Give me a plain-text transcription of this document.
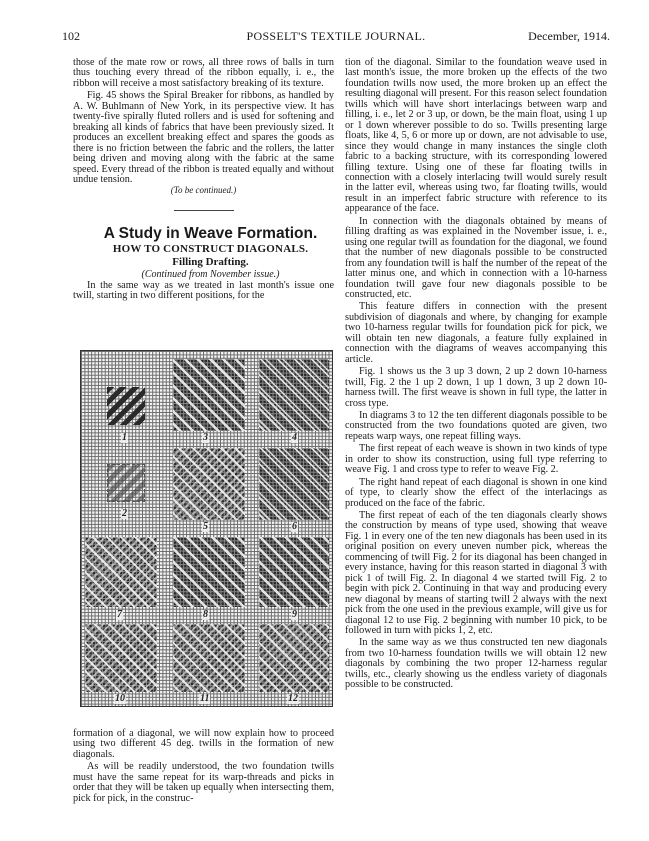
102	POSSELT'S TEXTILE JOURNAL.	December, 1914.

those of the mate row or rows, all three rows of balls in turn thus touching every thread of the ribbon equally, i. e., the ribbon will receive a most satisfactory breaking of its texture.

Fig. 45 shows the Spiral Breaker for ribbons, as handled by A. W. Buhlmann of New York, in its perspective view. It has twenty-five spirally fluted rollers and is used for softening and breaking all kinds of fabrics that have been previously sized. It produces an excellent breaking effect and spares the goods as there is no friction between the fabric and the rollers, the latter being driven and moving along with the fabric at the same speed. Every thread of the ribbon is treated equally and without undue tension.

(To be continued.)

A Study in Weave Formation.

HOW TO CONSTRUCT DIAGONALS.

Filling Drafting.

(Continued from November issue.)

In the same way as we treated in last month's issue one twill, starting in two different positions, for the

1	3	4
2
5	6
7	8	9
10	11	12

formation of a diagonal, we will now explain how to proceed using two different 45 deg. twills in the formation of new diagonals.

As will be readily understood, the two foundation twills must have the same repeat for its warp-threads and picks in order that they will be taken up equally when intersecting them, pick for pick, in the construc-

tion of the diagonal. Similar to the foundation weave used in last month's issue, the more broken up the effects of the two foundation twills now used, the more broken up an effect the resulting diagonal will present. For this reason select foundation twills which will have short interlacings between warp and filling, i. e., let 2 or 3 up, or down, be the main float, using 1 up or 1 down wherever possible to do so. Twills presenting large floats, like 4, 5, 6 or more up or down, are not advisable to use, since they would change in many instances the single cloth fabric to a backing structure, with its corresponding lowered filling texture. Using one of these far floating twills in connection with a closely interlacing twill would surely result in the latter evil, whereas using two, far floating twills, would result in an imperfect fabric structure with reference to its appearance of the face.

In connection with the diagonals obtained by means of filling drafting as was explained in the November issue, i. e., using one regular twill as foundation for the diagonal, we found that the number of new diagonals possible to be constructed from any foundation twill is half the number of the repeat of the latter minus one, and which in connection with a 10-harness foundation twill gave four new diagonals possible to be constructed, etc.

This feature differs in connection with the present subdivision of diagonals and where, by changing for example two 10-harness regular twills for foundation pick for pick, we will obtain ten new diagonals, a feature fully explained in connection with the diagrams of weaves accompanying this article.

Fig. 1 shows us the 3 up 3 down, 2 up 2 down 10-harness twill, Fig. 2 the 1 up 2 down, 1 up 1 down, 3 up 2 down 10-harness twill. The first weave is shown in full type, the latter in cross type.

In diagrams 3 to 12 the ten different diagonals possible to be constructed from the two foundations quoted are given, two repeats warp ways, one repeat filling ways.

The first repeat of each weave is shown in two kinds of type in order to show its construction, using full type referring to weave Fig. 1 and cross type to refer to weave Fig. 2.

The right hand repeat of each diagonal is shown in one kind of type, to clearly show the effect of the interlacings as produced on the face of the fabric.

The first repeat of each of the ten diagonals clearly shows the construction by means of type used, showing that weave Fig. 1 in every one of the ten new diagonals has been used in its original position on every uneven number pick, whereas the commencing of twill Fig. 2 for its diagonal has been changed in every instance, having for this reason started in diagonal 3 with pick 1 of twill Fig. 2. In diagonal 4 we started twill Fig. 2 to begin with pick 2. Continuing in that way and producing every new diagonal by means of starting twill 2 always with the next pick from the one used in the previous example, will give us for diagonal 12 to use Fig. 2 beginning with number 10 pick, to be followed in turn with picks 1, 2, etc.

In the same way as we thus constructed ten new diagonals from two 10-harness foundation twills we will obtain 12 new diagonals by combining the two proper 12-harness regular twills, etc., clearly showing us the endless variety of diagonals possible to be constructed.
